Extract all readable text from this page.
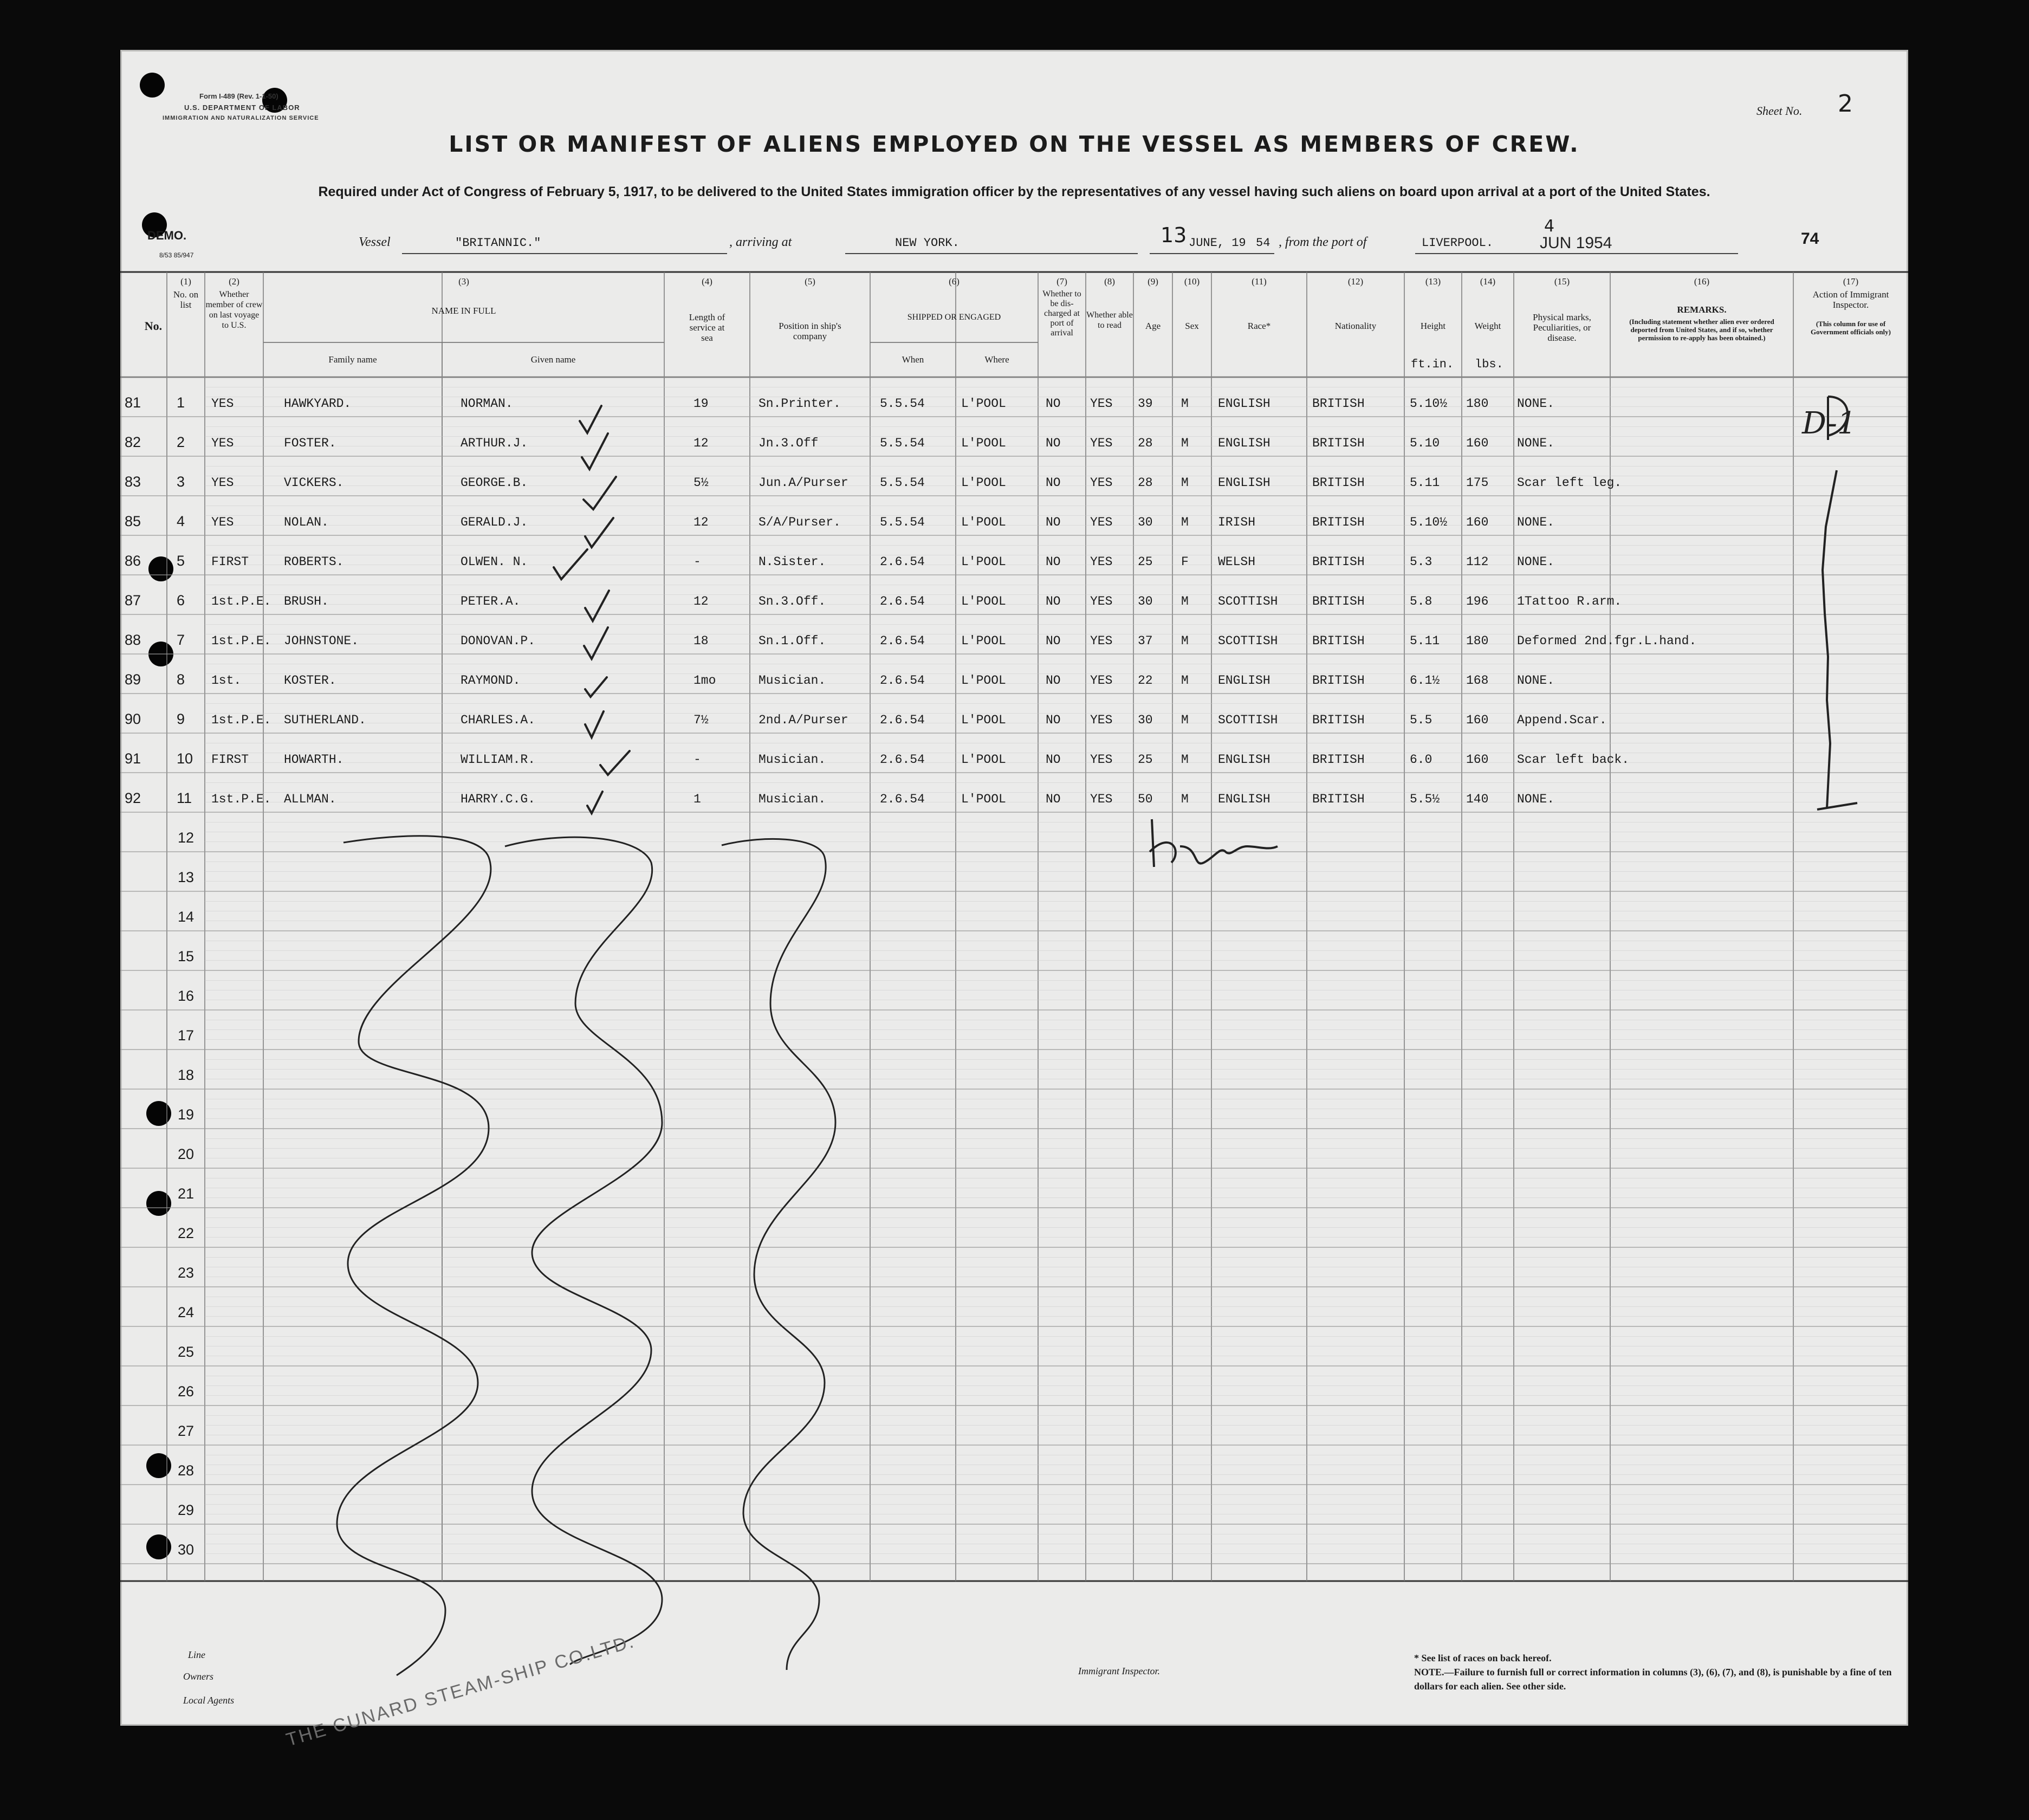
Form I-489 (Rev. 1-1-50)
U.S. DEPARTMENT OF LABOR
IMMIGRATION AND NATURALIZATION SERVICE
Sheet No. 2
LIST OR MANIFEST OF ALIENS EMPLOYED ON THE VESSEL AS MEMBERS OF CREW.
Required under Act of Congress of February 5, 1917, to be delivered to the United States immigration officer by the representatives of any vessel having such aliens on board upon arrival at a port of the United States.
DEMO.
8/53 85/947
74
Vessel	"BRITANNIC."	, arriving at	NEW YORK.	13 JUNE, 19 54 , from the port of	LIVERPOOL.
4
JUN 1954
No.
(1)
No. on list
(2)
Whether member of crew on last voyage to U.S.
(3)
NAME IN FULL
Family name	Given name
(4)
Length of service at sea
(5)
Position in ship's company
(6)
SHIPPED OR ENGAGED
When	Where
(7)
Whether to be dis-charged at port of arrival
(8)
Whether able to read
(9)
Age
(10)
Sex
(11)
Race*
(12)
Nationality
(13)
Height
ft.in.
(14)
Weight
lbs.
(15)
Physical marks, Peculiarities, or disease.
(16)
REMARKS.
(Including statement whether alien ever ordered deported from United States, and if so, whether permission to re-apply has been obtained.)
(17)
Action of Immigrant Inspector.
(This column for use of Government officials only)
81 1 YES	HAWKYARD.	NORMAN.	19	Sn.Printer.	5.5.54	L'POOL	NO YES 39 M ENGLISH	BRITISH	5.10½ 180 NONE.
82 2 YES	FOSTER.	ARTHUR.J.	12	Jn.3.Off	5.5.54	L'POOL	NO YES 28 M ENGLISH	BRITISH	5.10 160 NONE.
83 3 YES	VICKERS.	GEORGE.B.	5½	Jun.A/Purser	5.5.54	L'POOL	NO YES 28 M ENGLISH	BRITISH	5.11 175 Scar left leg.
85 4 YES	NOLAN.	GERALD.J.	12	S/A/Purser.	5.5.54	L'POOL	NO YES 30 M IRISH	BRITISH	5.10½ 160 NONE.
86 5 FIRST	ROBERTS.	OLWEN. N.	-	N.Sister.	2.6.54	L'POOL	NO YES 25 F WELSH	BRITISH	5.3	112 NONE.
87 6 1st.P.E. BRUSH.	PETER.A.	12	Sn.3.Off.	2.6.54	L'POOL	NO YES 30 M SCOTTISH	BRITISH	5.8	196 1Tattoo R.arm.
88 7 1st.P.E. JOHNSTONE.	DONOVAN.P.	18	Sn.1.Off.	2.6.54	L'POOL	NO YES 37 M SCOTTISH	BRITISH	5.11 180 Deformed 2nd.fgr.L.hand.
89 8 1st.	KOSTER.	RAYMOND.	1mo	Musician.	2.6.54	L'POOL	NO YES 22 M ENGLISH	BRITISH	6.1½ 168 NONE.
90 9 1st.P.E. SUTHERLAND.	CHARLES.A.	7½	2nd.A/Purser	2.6.54	L'POOL	NO YES 30 M SCOTTISH	BRITISH	5.5	160 Append.Scar.
91 10 FIRST	HOWARTH.	WILLIAM.R.	-	Musician.	2.6.54	L'POOL	NO YES 25 M ENGLISH	BRITISH	6.0	160 Scar left back.
92 11 1st.P.E. ALLMAN.	HARRY.C.G.	1	Musician.	2.6.54	L'POOL	NO YES 50 M ENGLISH	BRITISH	5.5½ 140 NONE.
12
13
14
15
16
17
18
19
20
21
22
23
24
25
26
27
28
29
30
D-1
Line
Owners
Local Agents	THE CUNARD STEAM-SHIP CO.LTD.	Immigrant Inspector.
* See list of races on back hereof.
NOTE.—Failure to furnish full or correct information in columns (3), (6), (7), and (8), is punishable by a fine of ten dollars for each alien. See other side.
